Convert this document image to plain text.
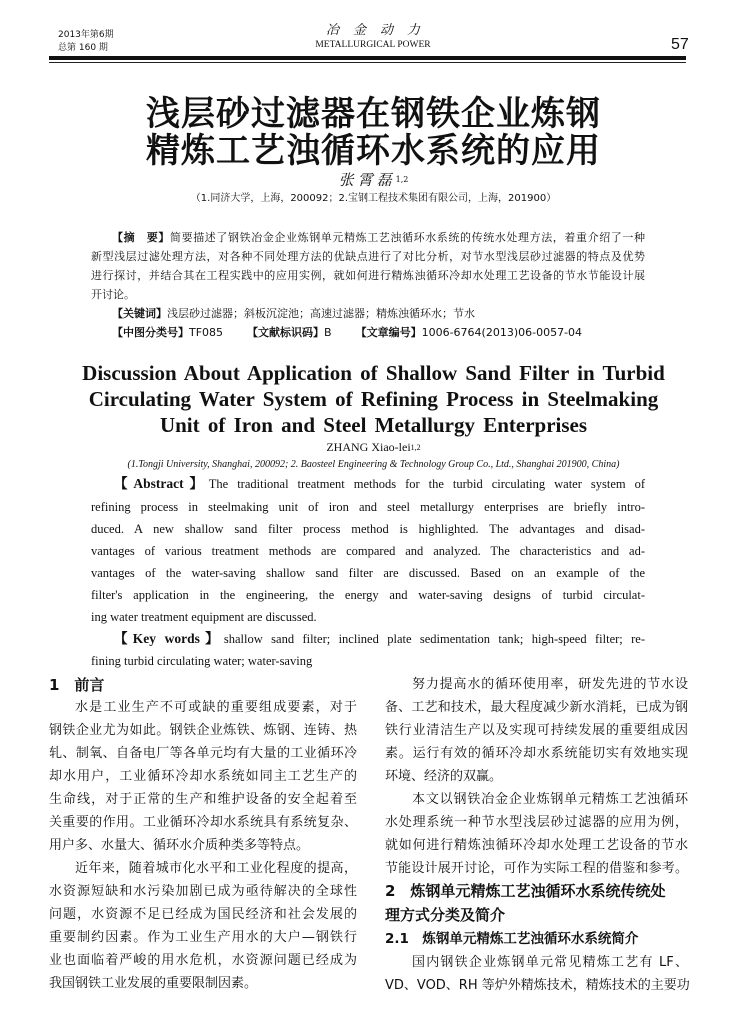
2013年第6期
总第 160 期
冶金动力
METALLURGICAL POWER	57
浅层砂过滤器在钢铁企业炼钢
精炼工艺浊循环水系统的应用
张霄磊$^{1,2}$
（1.同济大学，上海，200092；2.宝钢工程技术集团有限公司，上海，201900）
【摘　要】简要描述了钢铁冶金企业炼钢单元精炼工艺浊循环水系统的传统水处理方法，着重介绍了一种
新型浅层过滤处理方法，对各种不同处理方法的优缺点进行了对比分析，对节水型浅层砂过滤器的特点及优势
进行探讨，并结合其在工程实践中的应用实例，就如何进行精炼浊循环冷却水处理工艺设备的节水节能设计展
开讨论。
【关键词】浅层砂过滤器；斜板沉淀池；高速过滤器；精炼浊循环水；节水
【中图分类号】TF085 【文献标识码】B 【文章编号】1006-6764(2013)06-0057-04
Discussion About Application of Shallow Sand Filter in Turbid
Circulating Water System of Refining Process in Steelmaking
Unit of Iron and Steel Metallurgy Enterprises
ZHANG Xiao-lei$^{1,2}$
(1.Tongji University, Shanghai, 200092; 2. Baosteel Engineering & Technology Group Co., Ltd., Shanghai 201900, China)
【Abstract】The traditional treatment methods for the turbid circulating water system of
refining process in steelmaking unit of iron and steel metallurgy enterprises are briefly intro-
duced. A new shallow sand filter process method is highlighted. The advantages and disad-
vantages of various treatment methods are compared and analyzed. The characteristics and ad-
vantages of the water-saving shallow sand filter are discussed. Based on an example of the
filter's application in the engineering, the energy and water-saving designs of turbid circulat-
ing water treatment equipment are discussed.
【Key words】shallow sand filter; inclined plate sedimentation tank; high-speed filter; re-
fining turbid circulating water; water-saving
1　前言
水是工业生产不可或缺的重要组成要素，对于
钢铁企业尤为如此。钢铁企业炼铁、炼钢、连铸、热
轧、制氧、自备电厂等各单元均有大量的工业循环冷
却水用户，工业循环冷却水系统如同主工艺生产的
生命线，对于正常的生产和维护设备的安全起着至
关重要的作用。工业循环冷却水系统具有系统复杂、
用户多、水量大、循环水介质种类多等特点。
近年来，随着城市化水平和工业化程度的提高，
水资源短缺和水污染加剧已成为亟待解决的全球性
问题，水资源不足已经成为国民经济和社会发展的
重要制约因素。作为工业生产用水的大户—钢铁行
业也面临着严峻的用水危机，水资源问题已经成为
我国钢铁工业发展的重要限制因素。
努力提高水的循环使用率，研发先进的节水设
备、工艺和技术，最大程度减少新水消耗，已成为钢
铁行业清洁生产以及实现可持续发展的重要组成因
素。运行有效的循环冷却水系统能切实有效地实现
环境、经济的双赢。
本文以钢铁冶金企业炼钢单元精炼工艺浊循环
水处理系统一种节水型浅层砂过滤器的应用为例，
就如何进行精炼浊循环冷却水处理工艺设备的节水
节能设计展开讨论，可作为实际工程的借鉴和参考。
2　炼钢单元精炼工艺浊循环水系统传统处
理方式分类及简介
2.1　炼钢单元精炼工艺浊循环水系统简介
国内钢铁企业炼钢单元常见精炼工艺有 LF、
VD、VOD、RH 等炉外精炼技术，精炼技术的主要功
